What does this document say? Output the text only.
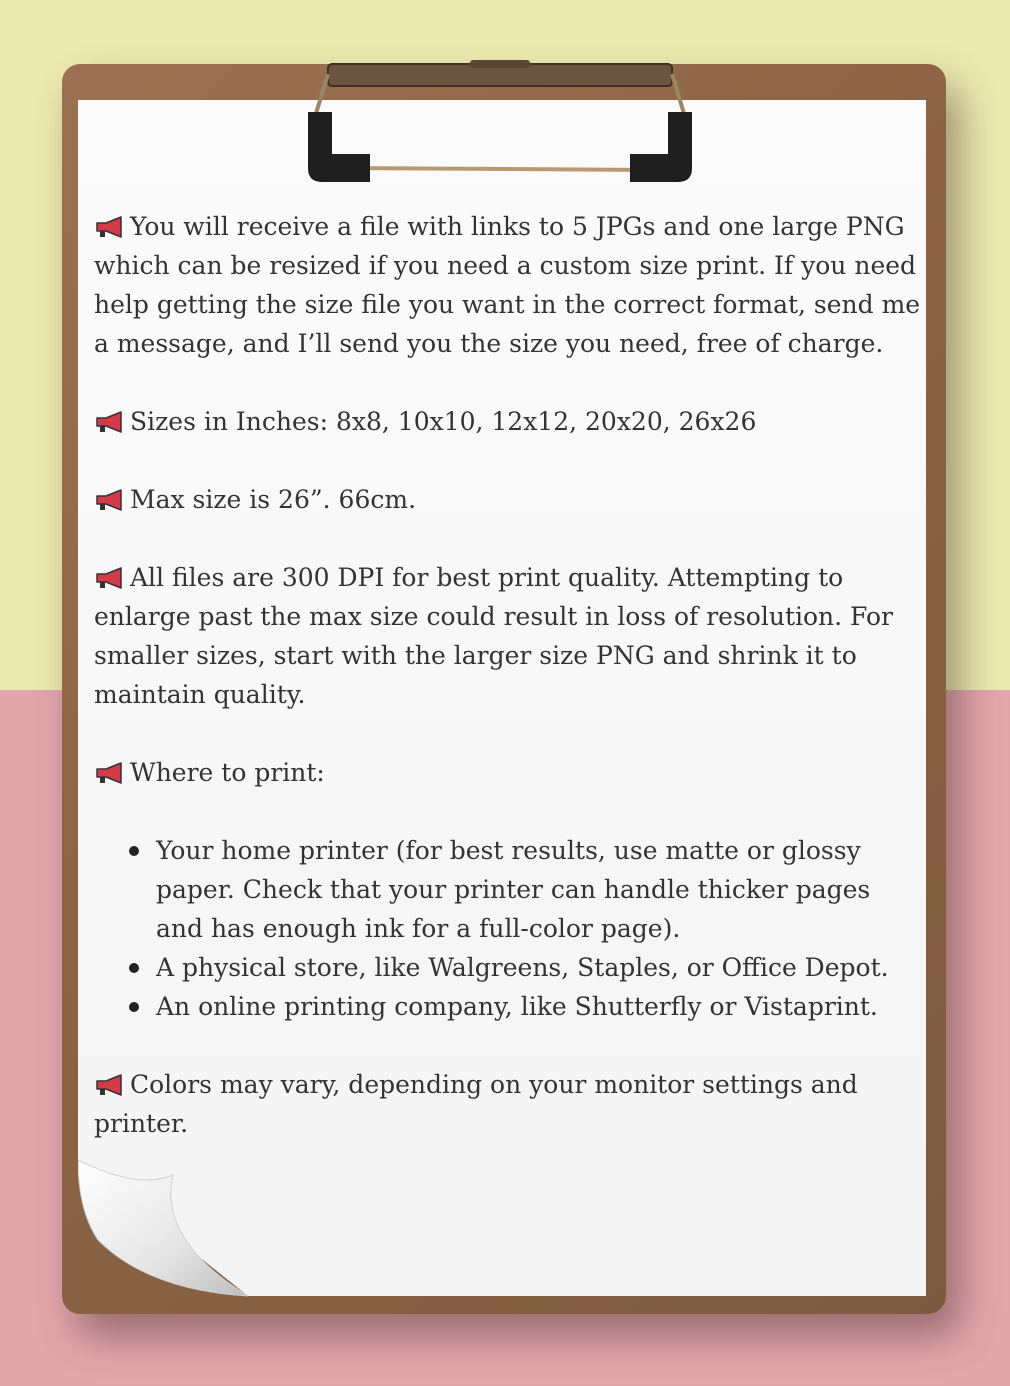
You will receive a file with links to 5 JPGs and one large PNG which can be resized if you need a custom size print. If you need help getting the size file you want in the correct format, send me a message, and I’ll send you the size you need, free of charge.

Sizes in Inches: 8x8, 10x10, 12x12, 20x20, 26x26

Max size is 26”. 66cm.

All files are 300 DPI for best print quality. Attempting to enlarge past the max size could result in loss of resolution. For smaller sizes, start with the larger size PNG and shrink it to maintain quality.

Where to print:

Your home printer (for best results, use matte or glossy paper. Check that your printer can handle thicker pages and has enough ink for a full-color page).
A physical store, like Walgreens, Staples, or Office Depot.
An online printing company, like Shutterfly or Vistaprint.

Colors may vary, depending on your monitor settings and printer.
